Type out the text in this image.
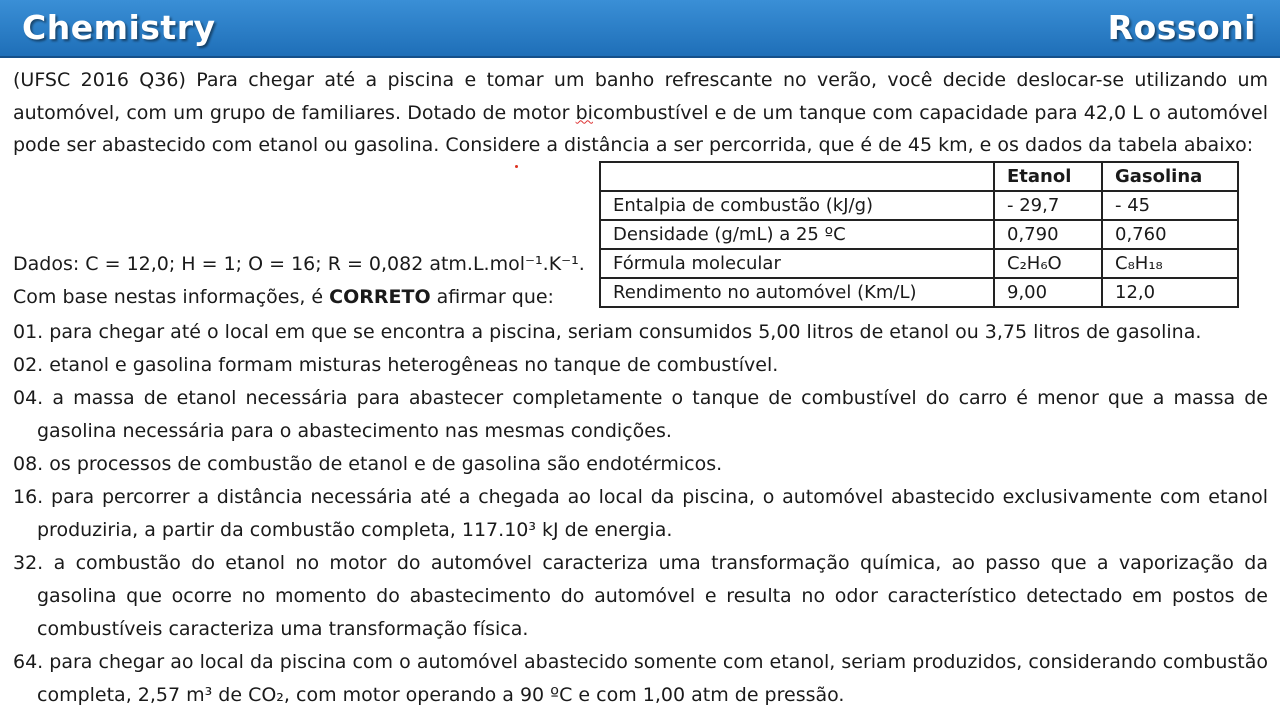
Chemistry	Rossoni

(UFSC 2016 Q36) Para chegar até a piscina e tomar um banho refrescante no verão, você decide deslocar-se utilizando um automóvel, com um grupo de familiares. Dotado de motor bicombustível e de um tanque com capacidade para 42,0 L o automóvel pode ser abastecido com etanol ou gasolina. Considere a distância a ser percorrida, que é de 45 km, e os dados da tabela abaixo:

	Etanol	Gasolina
Entalpia de combustão (kJ/g)	- 29,7	- 45
Densidade (g/mL) a 25 ºC	0,790	0,760
Fórmula molecular	C₂H₆O	C₈H₁₈
Rendimento no automóvel (Km/L)	9,00	12,0
Dados: C = 12,0; H = 1; O = 16; R = 0,082 atm.L.mol⁻¹.K⁻¹.
Com base nestas informações, é CORRETO afirmar que:

01. para chegar até o local em que se encontra a piscina, seriam consumidos 5,00 litros de etanol ou 3,75 litros de gasolina.

02. etanol e gasolina formam misturas heterogêneas no tanque de combustível.

04. a massa de etanol necessária para abastecer completamente o tanque de combustível do carro é menor que a massa de gasolina necessária para o abastecimento nas mesmas condições.

08. os processos de combustão de etanol e de gasolina são endotérmicos.

16. para percorrer a distância necessária até a chegada ao local da piscina, o automóvel abastecido exclusivamente com etanol produziria, a partir da combustão completa, 117.10³ kJ de energia.

32. a combustão do etanol no motor do automóvel caracteriza uma transformação química, ao passo que a vaporização da gasolina que ocorre no momento do abastecimento do automóvel e resulta no odor característico detectado em postos de combustíveis caracteriza uma transformação física.

64. para chegar ao local da piscina com o automóvel abastecido somente com etanol, seriam produzidos, considerando combustão completa, 2,57 m³ de CO₂, com motor operando a 90 ºC e com 1,00 atm de pressão.
